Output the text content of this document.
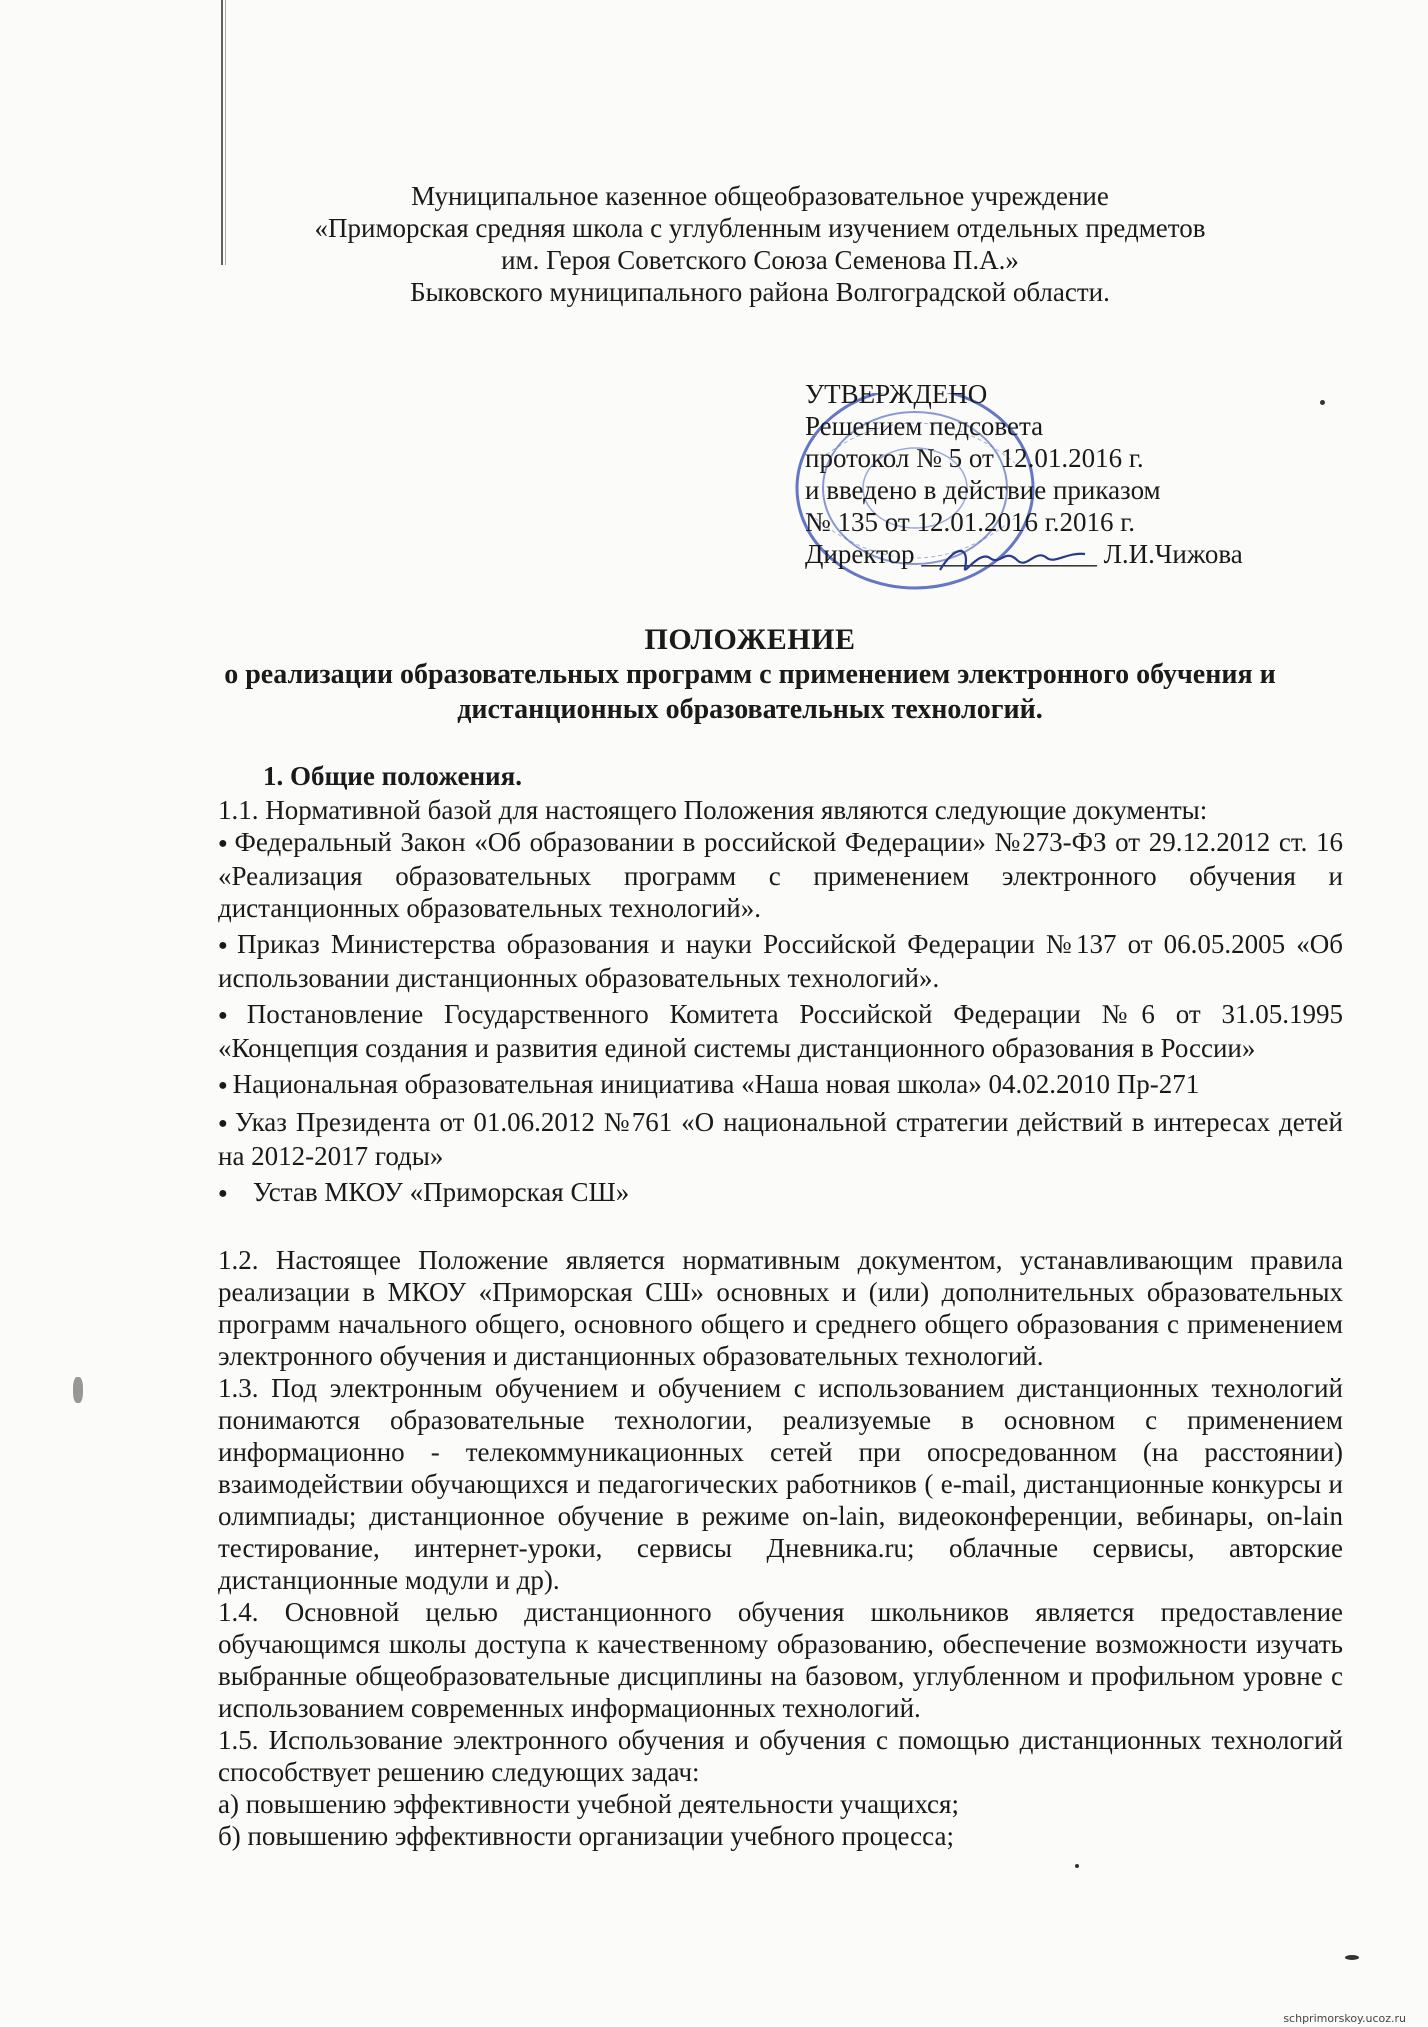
Муниципальное казенное общеобразовательное учреждение
«Приморская средняя школа с углубленным изучением отдельных предметов
им. Героя Советского Союза Семенова П.А.»
Быковского муниципального района Волгоградской области.
УТВЕРЖДЕНО
Решением педсовета
протокол № 5 от 12.01.2016 г.
и введено в действие приказом
№ 135 от 12.01.2016 г.2016 г.
Директор _____________ Л.И.Чижова
ПОЛОЖЕНИЕ
о реализации образовательных программ с применением электронного обучения и
дистанционных образовательных технологий.

1. Общие положения.

1.1. Нормативной базой для настоящего Положения являются следующие документы:

● Федеральный Закон «Об образовании в российской Федерации» №273-ФЗ от 29.12.2012 ст. 16 «Реализация образовательных программ с применением электронного обучения и дистанционных образовательных технологий».

● Приказ Министерства образования и науки Российской Федерации №137 от 06.05.2005 «Об использовании дистанционных образовательных технологий».

● Постановление Государственного Комитета Российской Федерации №6 от 31.05.1995 «Концепция создания и развития единой системы дистанционного образования в России»

● Национальная образовательная инициатива «Наша новая школа» 04.02.2010 Пр-271

● Указ Президента от 01.06.2012 №761 «О национальной стратегии действий в интересах детей на 2012-2017 годы»

● Устав МКОУ «Приморская СШ»

1.2. Настоящее Положение является нормативным документом, устанавливающим правила реализации в МКОУ «Приморская СШ» основных и (или) дополнительных образовательных программ начального общего, основного общего и среднего общего образования с применением электронного обучения и дистанционных образовательных технологий.

1.3. Под электронным обучением и обучением с использованием дистанционных технологий понимаются образовательные технологии, реализуемые в основном с применением информационно - телекоммуникационных сетей при опосредованном (на расстоянии) взаимодействии обучающихся и педагогических работников ( e-mail, дистанционные конкурсы и олимпиады; дистанционное обучение в режиме on-lain, видеоконференции, вебинары, on-lain тестирование, интернет-уроки, сервисы Дневника.ru; облачные сервисы, авторские дистанционные модули и др).

1.4. Основной целью дистанционного обучения школьников является предоставление обучающимся школы доступа к качественному образованию, обеспечение возможности изучать выбранные общеобразовательные дисциплины на базовом, углубленном и профильном уровне с использованием современных информационных технологий.

1.5. Использование электронного обучения и обучения с помощью дистанционных технологий способствует решению следующих задач:

а) повышению эффективности учебной деятельности учащихся;

б) повышению эффективности организации учебного процесса;

schprimorskoy.ucoz.ru
